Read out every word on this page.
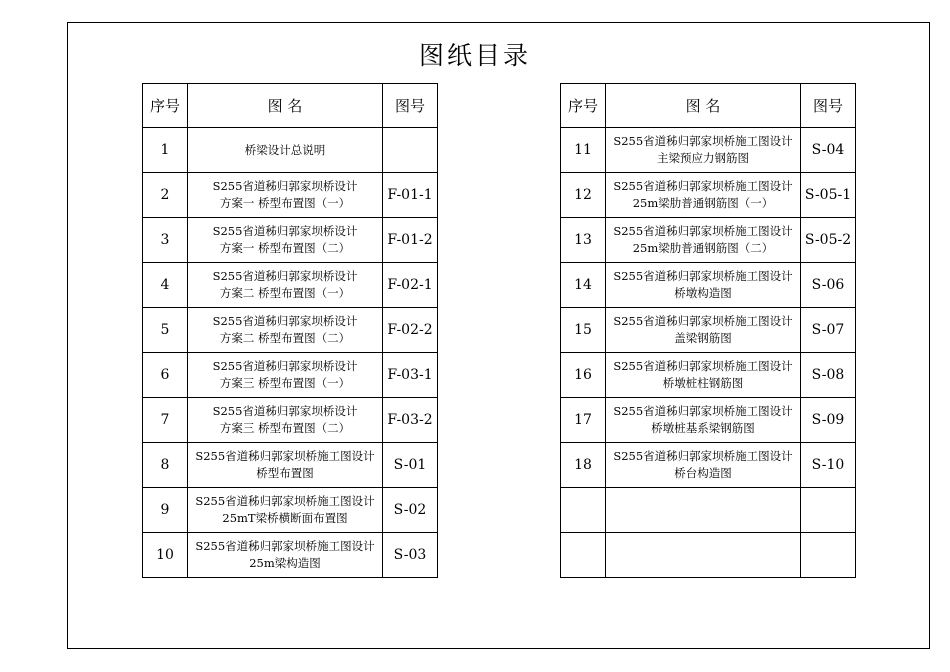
图纸目录
序号	图 名	图号
1	桥梁设计总说明	

2	S255省道秭归郭家坝桥设计
方案一 桥型布置图（一）	F-01-1
3	S255省道秭归郭家坝桥设计
方案一 桥型布置图（二）	F-01-2
4	S255省道秭归郭家坝桥设计
方案二 桥型布置图（一）	F-02-1
5	S255省道秭归郭家坝桥设计
方案二 桥型布置图（二）	F-02-2
6	S255省道秭归郭家坝桥设计
方案三 桥型布置图（一）	F-03-1
7	S255省道秭归郭家坝桥设计
方案三 桥型布置图（二）	F-03-2
8	S255省道秭归郭家坝桥施工图设计
桥型布置图	S-01
9	S255省道秭归郭家坝桥施工图设计
25mT梁桥横断面布置图	S-02
10	S255省道秭归郭家坝桥施工图设计
25m梁构造图	S-03
序号	图 名	图号
11	S255省道秭归郭家坝桥施工图设计
主梁预应力钢筋图	S-04
12	S255省道秭归郭家坝桥施工图设计
25m梁肋普通钢筋图（一）	S-05-1
13	S255省道秭归郭家坝桥施工图设计
25m梁肋普通钢筋图（二）	S-05-2
14	S255省道秭归郭家坝桥施工图设计
桥墩构造图	S-06
15	S255省道秭归郭家坝桥施工图设计
盖梁钢筋图	S-07
16	S255省道秭归郭家坝桥施工图设计
桥墩桩柱钢筋图	S-08
17	S255省道秭归郭家坝桥施工图设计
桥墩桩基系梁钢筋图	S-09
18	S255省道秭归郭家坝桥施工图设计
桥台构造图	S-10
